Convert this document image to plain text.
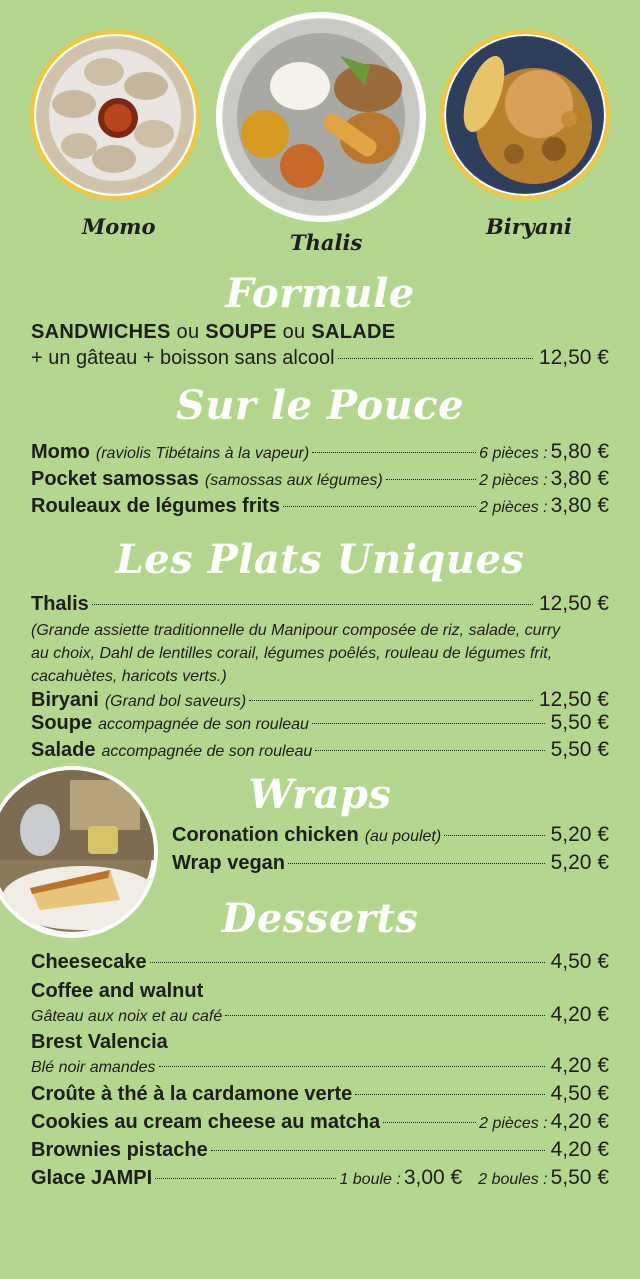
Momo
Thalis
Biryani
Formule
SANDWICHES ou SOUPE ou SALADE
+ un gâteau + boisson sans alcool	12,50 €
Sur le Pouce
Momo (raviolis Tibétains à la vapeur)	6 pièces : 5,80 €
Pocket samossas (samossas aux légumes)	2 pièces : 3,80 €
Rouleaux de légumes frits	2 pièces : 3,80 €
Les Plats Uniques
Thalis	12,50 €
(Grande assiette traditionnelle du Manipour composée de riz, salade, curry
au choix, Dahl de lentilles corail, légumes poêlés, rouleau de légumes frit,
cacahuètes, haricots verts.)
Biryani (Grand bol saveurs)	12,50 €
Soupe accompagnée de son rouleau	5,50 €
Salade accompagnée de son rouleau	5,50 €
Wraps
Coronation chicken (au poulet)	5,20 €
Wrap vegan	5,20 €
Desserts
Cheesecake	4,50 €
Coffee and walnut
Gâteau aux noix et au café	4,20 €
Brest Valencia
Blé noir amandes	4,20 €
Croûte à thé à la cardamone verte	4,50 €
Cookies au cream cheese au matcha	2 pièces : 4,20 €
Brownies pistache	4,20 €
Glace JAMPI	1 boule : 3,00 € 2 boules : 5,50 €
